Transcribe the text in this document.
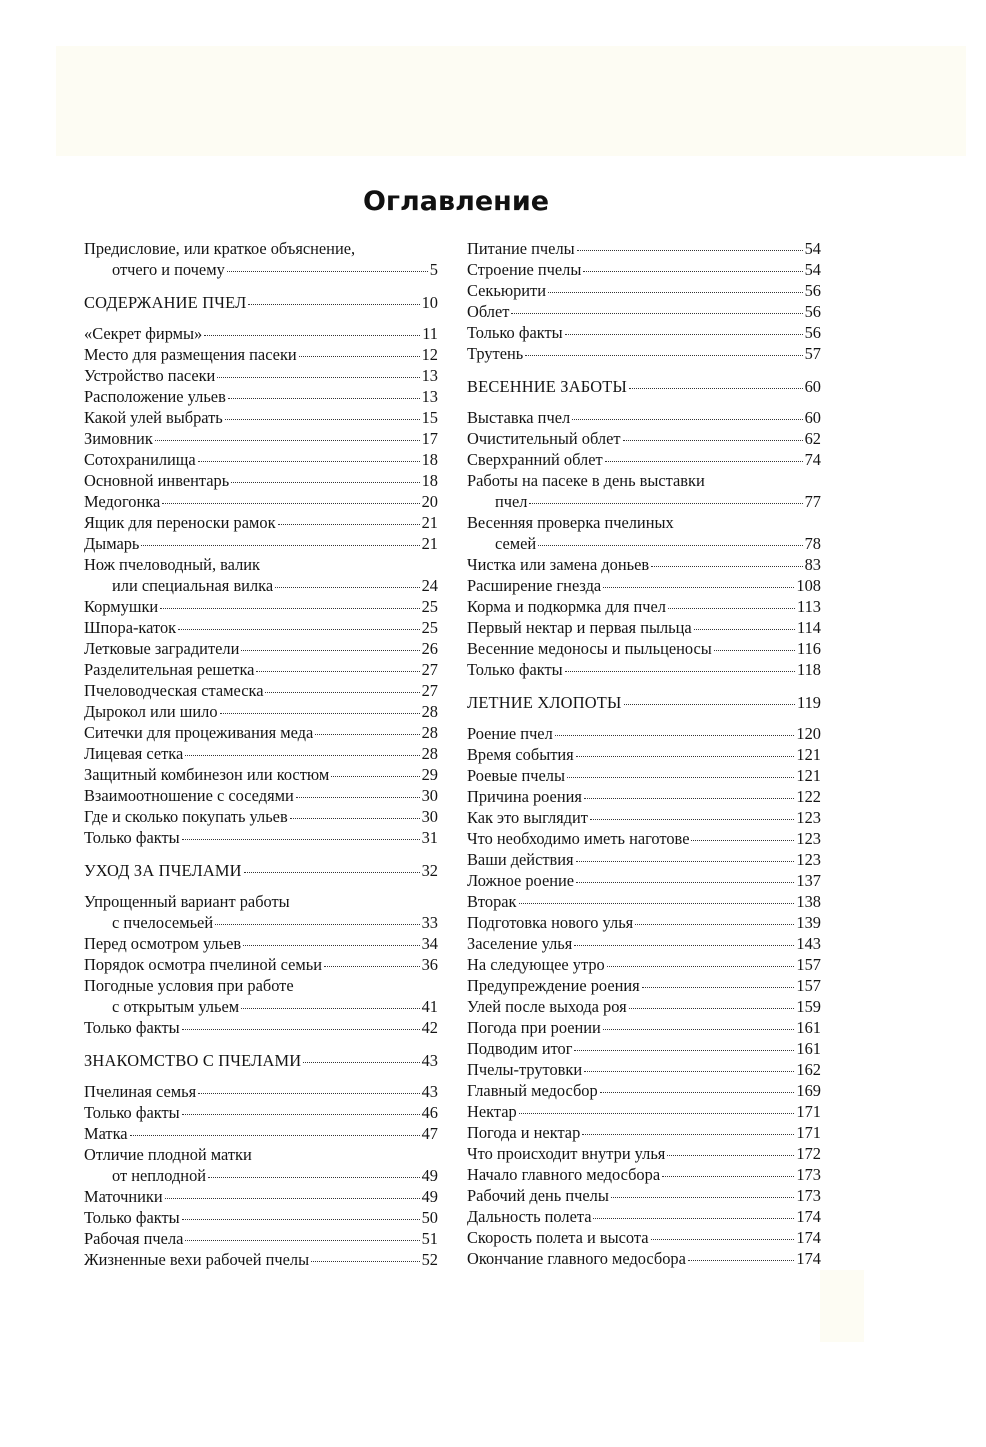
Оглавление
Предисловие, или краткое объяснение,
отчего и почему	5
СОДЕРЖАНИЕ ПЧЕЛ	10
«Секрет фирмы»	11
Место для размещения пасеки	12
Устройство пасеки	13
Расположение ульев	13
Какой улей выбрать	15
Зимовник	17
Сотохранилища	18
Основной инвентарь	18
Медогонка	20
Ящик для переноски рамок	21
Дымарь	21
Нож пчеловодный, валик
или специальная вилка	24
Кормушки	25
Шпора-каток	25
Летковые заградители	26
Разделительная решетка	27
Пчеловодческая стамеска	27
Дырокол или шило	28
Ситечки для процеживания меда	28
Лицевая сетка	28
Защитный комбинезон или костюм	29
Взаимоотношение с соседями	30
Где и сколько покупать ульев	30
Только факты	31
УХОД ЗА ПЧЕЛАМИ	32
Упрощенный вариант работы
с пчелосемьей	33
Перед осмотром ульев	34
Порядок осмотра пчелиной семьи	36
Погодные условия при работе
с открытым ульем	41
Только факты	42
ЗНАКОМСТВО С ПЧЕЛАМИ	43
Пчелиная семья	43
Только факты	46
Матка	47
Отличие плодной матки
от неплодной	49
Маточники	49
Только факты	50
Рабочая пчела	51
Жизненные вехи рабочей пчелы	52
Питание пчелы	54
Строение пчелы	54
Секьюрити	56
Облет	56
Только факты	56
Трутень	57
ВЕСЕННИЕ ЗАБОТЫ	60
Выставка пчел	60
Очистительный облет	62
Сверхранний облет	74
Работы на пасеке в день выставки
пчел	77
Весенняя проверка пчелиных
семей	78
Чистка или замена доньев	83
Расширение гнезда	108
Корма и подкормка для пчел	113
Первый нектар и первая пыльца	114
Весенние медоносы и пыльценосы	116
Только факты	118
ЛЕТНИЕ ХЛОПОТЫ	119
Роение пчел	120
Время события	121
Роевые пчелы	121
Причина роения	122
Как это выглядит	123
Что необходимо иметь наготове	123
Ваши действия	123
Ложное роение	137
Вторак	138
Подготовка нового улья	139
Заселение улья	143
На следующее утро	157
Предупреждение роения	157
Улей после выхода роя	159
Погода при роении	161
Подводим итог	161
Пчелы-трутовки	162
Главный медосбор	169
Нектар	171
Погода и нектар	171
Что происходит внутри улья	172
Начало главного медосбора	173
Рабочий день пчелы	173
Дальность полета	174
Скорость полета и высота	174
Окончание главного медосбора	174
